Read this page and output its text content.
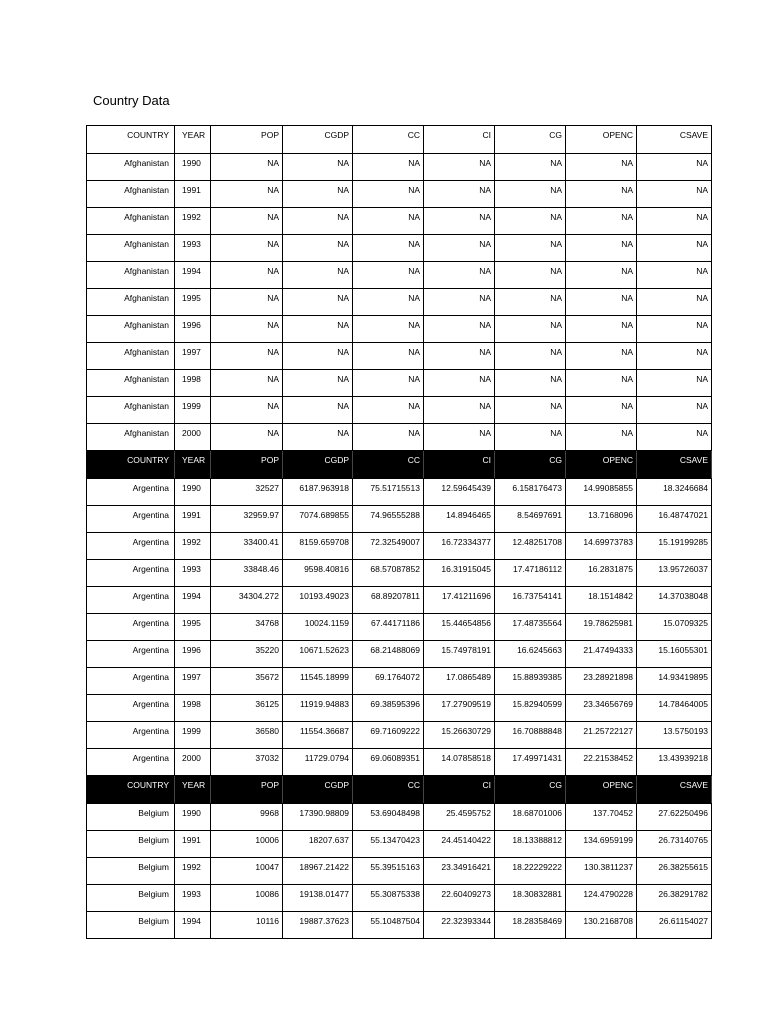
Country Data
COUNTRY	YEAR	POP	CGDP	CC	CI	CG	OPENC	CSAVE
Afghanistan	1990	NA	NA	NA	NA	NA	NA	NA
Afghanistan	1991	NA	NA	NA	NA	NA	NA	NA
Afghanistan	1992	NA	NA	NA	NA	NA	NA	NA
Afghanistan	1993	NA	NA	NA	NA	NA	NA	NA
Afghanistan	1994	NA	NA	NA	NA	NA	NA	NA
Afghanistan	1995	NA	NA	NA	NA	NA	NA	NA
Afghanistan	1996	NA	NA	NA	NA	NA	NA	NA
Afghanistan	1997	NA	NA	NA	NA	NA	NA	NA
Afghanistan	1998	NA	NA	NA	NA	NA	NA	NA
Afghanistan	1999	NA	NA	NA	NA	NA	NA	NA
Afghanistan	2000	NA	NA	NA	NA	NA	NA	NA
COUNTRY	YEAR	POP	CGDP	CC	CI	CG	OPENC	CSAVE
Argentina	1990	32527	6187.963918	75.51715513	12.59645439	6.158176473	14.99085855	18.3246684
Argentina	1991	32959.97	7074.689855	74.96555288	14.8946465	8.54697691	13.7168096	16.48747021
Argentina	1992	33400.41	8159.659708	72.32549007	16.72334377	12.48251708	14.69973783	15.19199285
Argentina	1993	33848.46	9598.40816	68.57087852	16.31915045	17.47186112	16.2831875	13.95726037
Argentina	1994	34304.272	10193.49023	68.89207811	17.41211696	16.73754141	18.1514842	14.37038048
Argentina	1995	34768	10024.1159	67.44171186	15.44654856	17.48735564	19.78625981	15.0709325
Argentina	1996	35220	10671.52623	68.21488069	15.74978191	16.6245663	21.47494333	15.16055301
Argentina	1997	35672	11545.18999	69.1764072	17.0865489	15.88939385	23.28921898	14.93419895
Argentina	1998	36125	11919.94883	69.38595396	17.27909519	15.82940599	23.34656769	14.78464005
Argentina	1999	36580	11554.36687	69.71609222	15.26630729	16.70888848	21.25722127	13.5750193
Argentina	2000	37032	11729.0794	69.06089351	14.07858518	17.49971431	22.21538452	13.43939218
COUNTRY	YEAR	POP	CGDP	CC	CI	CG	OPENC	CSAVE
Belgium	1990	9968	17390.98809	53.69048498	25.4595752	18.68701006	137.70452	27.62250496
Belgium	1991	10006	18207.637	55.13470423	24.45140422	18.13388812	134.6959199	26.73140765
Belgium	1992	10047	18967.21422	55.39515163	23.34916421	18.22229222	130.3811237	26.38255615
Belgium	1993	10086	19138.01477	55.30875338	22.60409273	18.30832881	124.4790228	26.38291782
Belgium	1994	10116	19887.37623	55.10487504	22.32393344	18.28358469	130.2168708	26.61154027
